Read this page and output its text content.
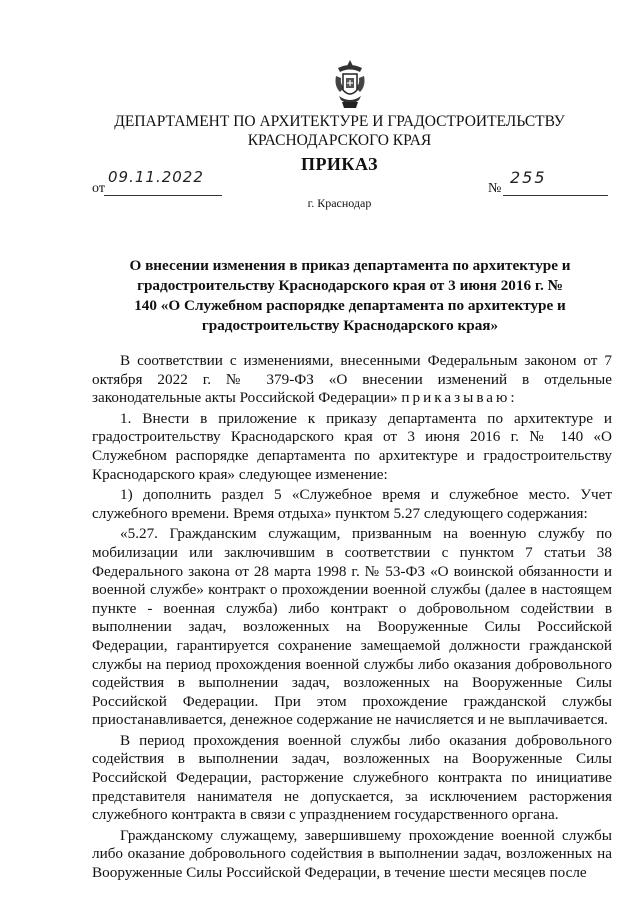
ДЕПАРТАМЕНТ ПО АРХИТЕКТУРЕ И ГРАДОСТРОИТЕЛЬСТВУ
КРАСНОДАРСКОГО КРАЯ
ПРИКАЗ
от
09.11.2022
№
255
г. Краснодар
О внесении изменения в приказ департамента по архитектуре и градостроительству Краснодарского края от 3 июня 2016 г. № 140 «О Служебном распорядке департамента по архитектуре и градостроительству Краснодарского края»

В соответствии с изменениями, внесенными Федеральным законом от 7 октября 2022 г. № 379-ФЗ «О внесении изменений в отдельные законодательные акты Российской Федерации» приказываю:

1. Внести в приложение к приказу департамента по архитектуре и градостроительству Краснодарского края от 3 июня 2016 г. № 140 «О Служебном распорядке департамента по архитектуре и градостроительству Краснодарского края» следующее изменение:

1) дополнить раздел 5 «Служебное время и служебное место. Учет служебного времени. Время отдыха» пунктом 5.27 следующего содержания:

«5.27. Гражданским служащим, призванным на военную службу по мобилизации или заключившим в соответствии с пунктом 7 статьи 38 Федерального закона от 28 марта 1998 г. № 53-ФЗ «О воинской обязанности и военной службе» контракт о прохождении военной службы (далее в настоящем пункте - военная служба) либо контракт о добровольном содействии в выполнении задач, возложенных на Вооруженные Силы Российской Федерации, гарантируется сохранение замещаемой должности гражданской службы на период прохождения военной службы либо оказания добровольного содействия в выполнении задач, возложенных на Вооруженные Силы Российской Федерации. При этом прохождение гражданской службы приостанавливается, денежное содержание не начисляется и не выплачивается.

В период прохождения военной службы либо оказания добровольного содействия в выполнении задач, возложенных на Вооруженные Силы Российской Федерации, расторжение служебного контракта по инициативе представителя нанимателя не допускается, за исключением расторжения служебного контракта в связи с упразднением государственного органа.

Гражданскому служащему, завершившему прохождение военной службы либо оказание добровольного содействия в выполнении задач, возложенных на Вооруженные Силы Российской Федерации, в течение шести месяцев после
